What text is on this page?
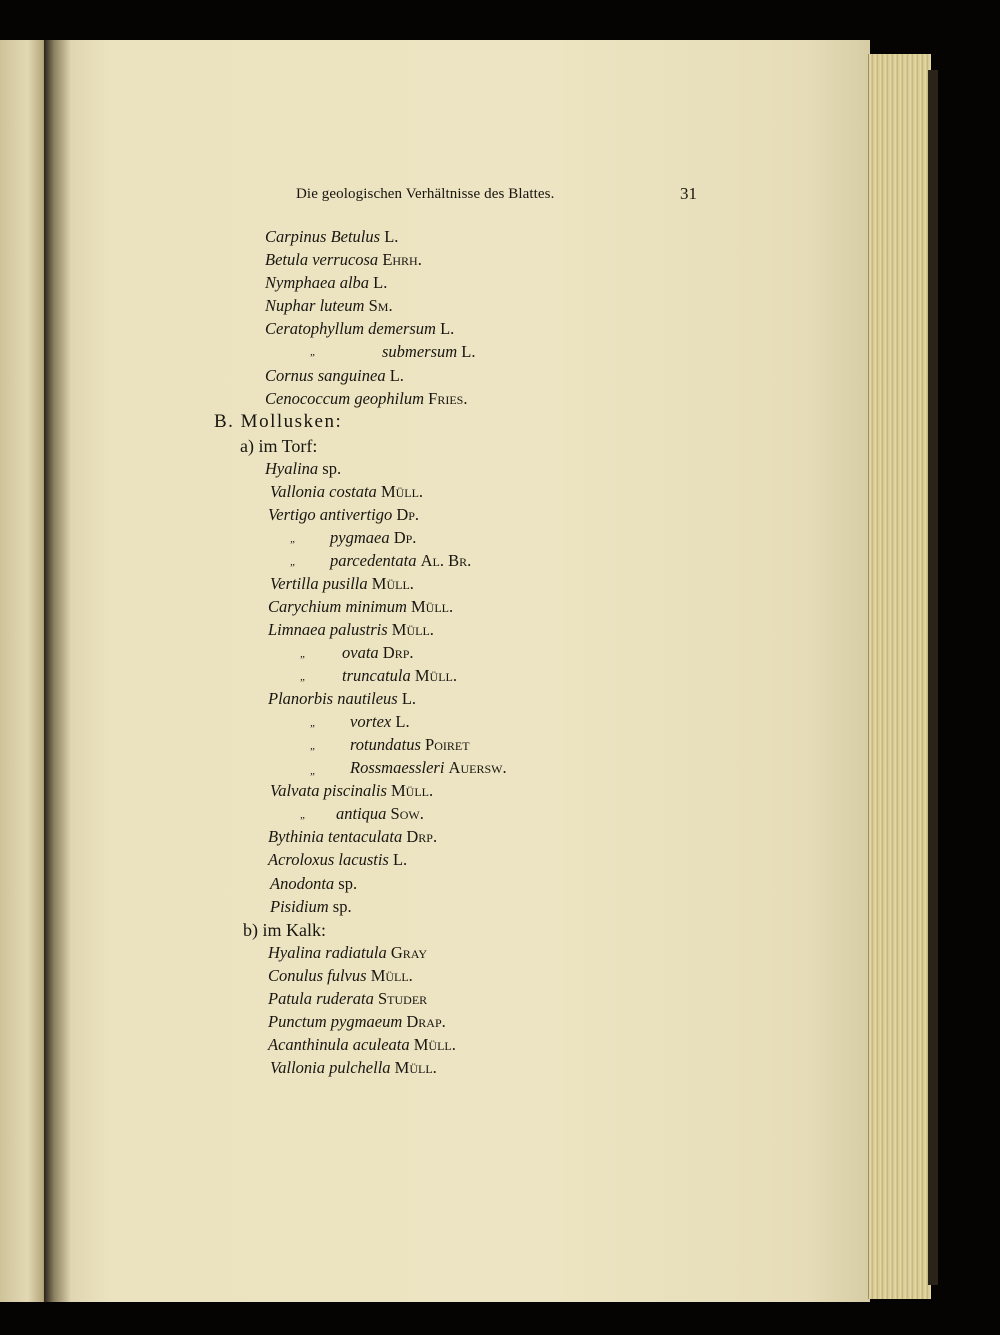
Die geologischen Verhältnisse des Blattes.	31
Carpinus Betulus L.
Betula verrucosa Ehrh.
Nymphaea alba L.
Nuphar luteum Sm.
Ceratophyllum demersum L.
„	submersum L.
Cornus sanguinea L.
Cenococcum geophilum Fries.
B. Mollusken:
a) im Torf:
Hyalina sp.
Vallonia costata Müll.
Vertigo antivertigo Dp.
„ pygmaea Dp.
„ parcedentata Al. Br.
Vertilla pusilla Müll.
Carychium minimum Müll.
Limnaea palustris Müll.
„ ovata Drp.
„ truncatula Müll.
Planorbis nautileus L.
„ vortex L.
„ rotundatus Poiret
„ Rossmaessleri Auersw.
Valvata piscinalis Müll.
„ antiqua Sow.
Bythinia tentaculata Drp.
Acroloxus lacustis L.
Anodonta sp.
Pisidium sp.
b) im Kalk:
Hyalina radiatula Gray
Conulus fulvus Müll.
Patula ruderata Studer
Punctum pygmaeum Drap.
Acanthinula aculeata Müll.
Vallonia pulchella Müll.
